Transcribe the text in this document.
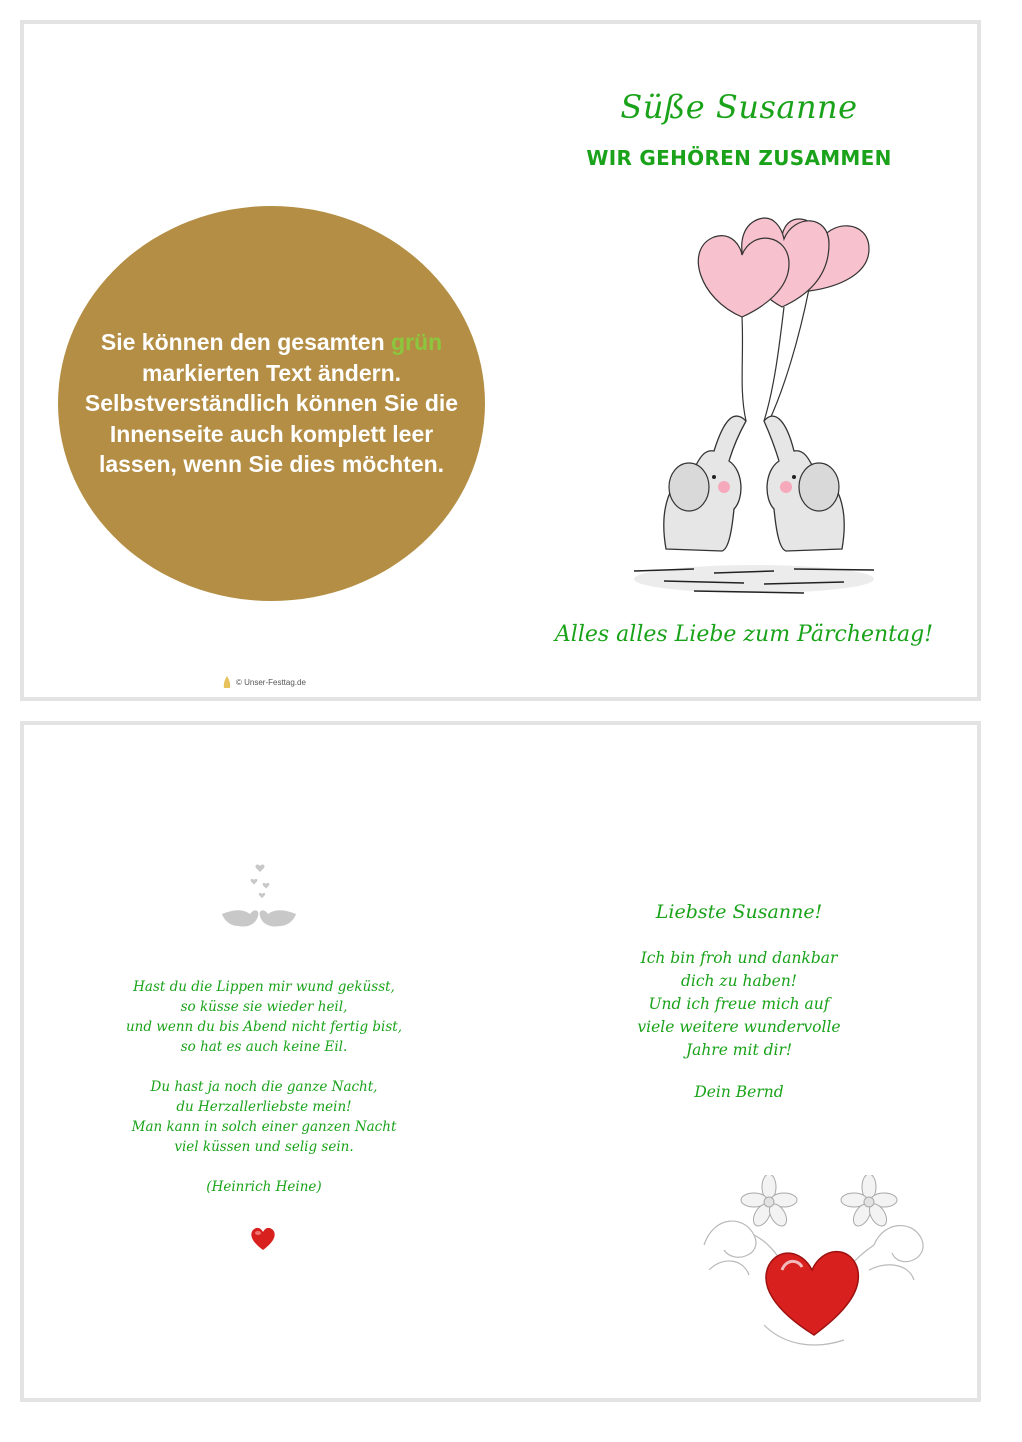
Sie können den gesamten grün markierten Text ändern. Selbstverständlich können Sie die Innenseite auch komplett leer lassen, wenn Sie dies möchten.
Süße Susanne
WIR GEHÖREN ZUSAMMEN
Alles alles Liebe zum Pärchentag!
© Unser-Festtag.de
Hast du die Lippen mir wund geküsst,
so küsse sie wieder heil,
und wenn du bis Abend nicht fertig bist,
so hat es auch keine Eil.
Du hast ja noch die ganze Nacht,
du Herzallerliebste mein!
Man kann in solch einer ganzen Nacht
viel küssen und selig sein.
(Heinrich Heine)
Liebste Susanne!
Ich bin froh und dankbar
dich zu haben!
Und ich freue mich auf
viele weitere wundervolle
Jahre mit dir!
Dein Bernd
